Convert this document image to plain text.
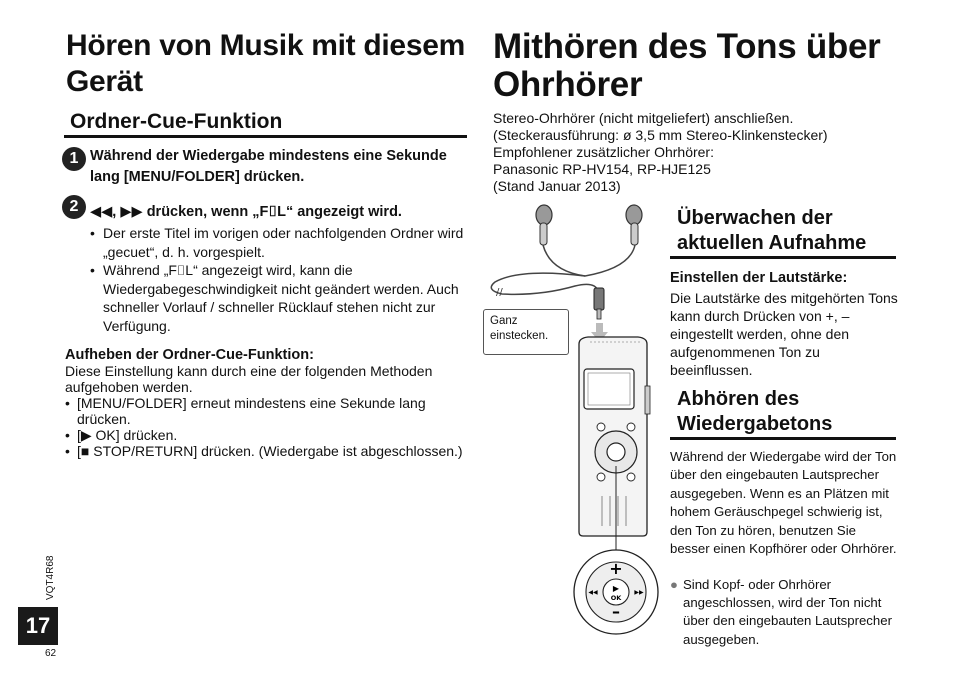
Hören von Musik mit diesem Gerät
Ordner-Cue-Funktion
1 Während der Wiedergabe mindestens eine Sekunde lang [MENU/FOLDER] drücken.
2 ◀◀, ▶▶ drücken, wenn „F⌷L“ angezeigt wird.
• Der erste Titel im vorigen oder nachfolgenden Ordner wird „gecuet“, d. h. vorgespielt.
• Während „F⌷L“ angezeigt wird, kann die Wiedergabegeschwindigkeit nicht geändert werden. Auch schneller Vorlauf / schneller Rücklauf stehen nicht zur Verfügung.
Aufheben der Ordner-Cue-Funktion:
Diese Einstellung kann durch eine der folgenden Methoden aufgehoben werden.
• [MENU/FOLDER] erneut mindestens eine Sekunde lang drücken.
• [▶ OK] drücken.
• [■ STOP/RETURN] drücken. (Wiedergabe ist abgeschlossen.)
VQT4R68
17
62
Mithören des Tons über Ohrhörer
Stereo-Ohrhörer (nicht mitgeliefert) anschließen.
(Steckerausführung: ø 3,5 mm Stereo-Klinkenstecker)
Empfohlener zusätzlicher Ohrhörer:
Panasonic RP-HV154, RP-HJE125
(Stand Januar 2013)
Überwachen der aktuellen Aufnahme
Einstellen der Lautstärke:
Die Lautstärke des mitgehörten Tons kann durch Drücken von +, – eingestellt werden, ohne den aufgenommenen Ton zu beeinflussen.
Abhören des Wiedergabetons
Während der Wiedergabe wird der Ton über den eingebauten Lautsprecher ausgegeben. Wenn es an Plätzen mit hohem Geräuschpegel schwierig ist, den Ton zu hören, benutzen Sie besser einen Kopfhörer oder Ohrhörer.
● Sind Kopf- oder Ohrhörer angeschlossen, wird der Ton nicht über den eingebauten Lautsprecher ausgegeben.
//
+
–
▶
OK
◀◀	▶▶
Ganz einstecken.
